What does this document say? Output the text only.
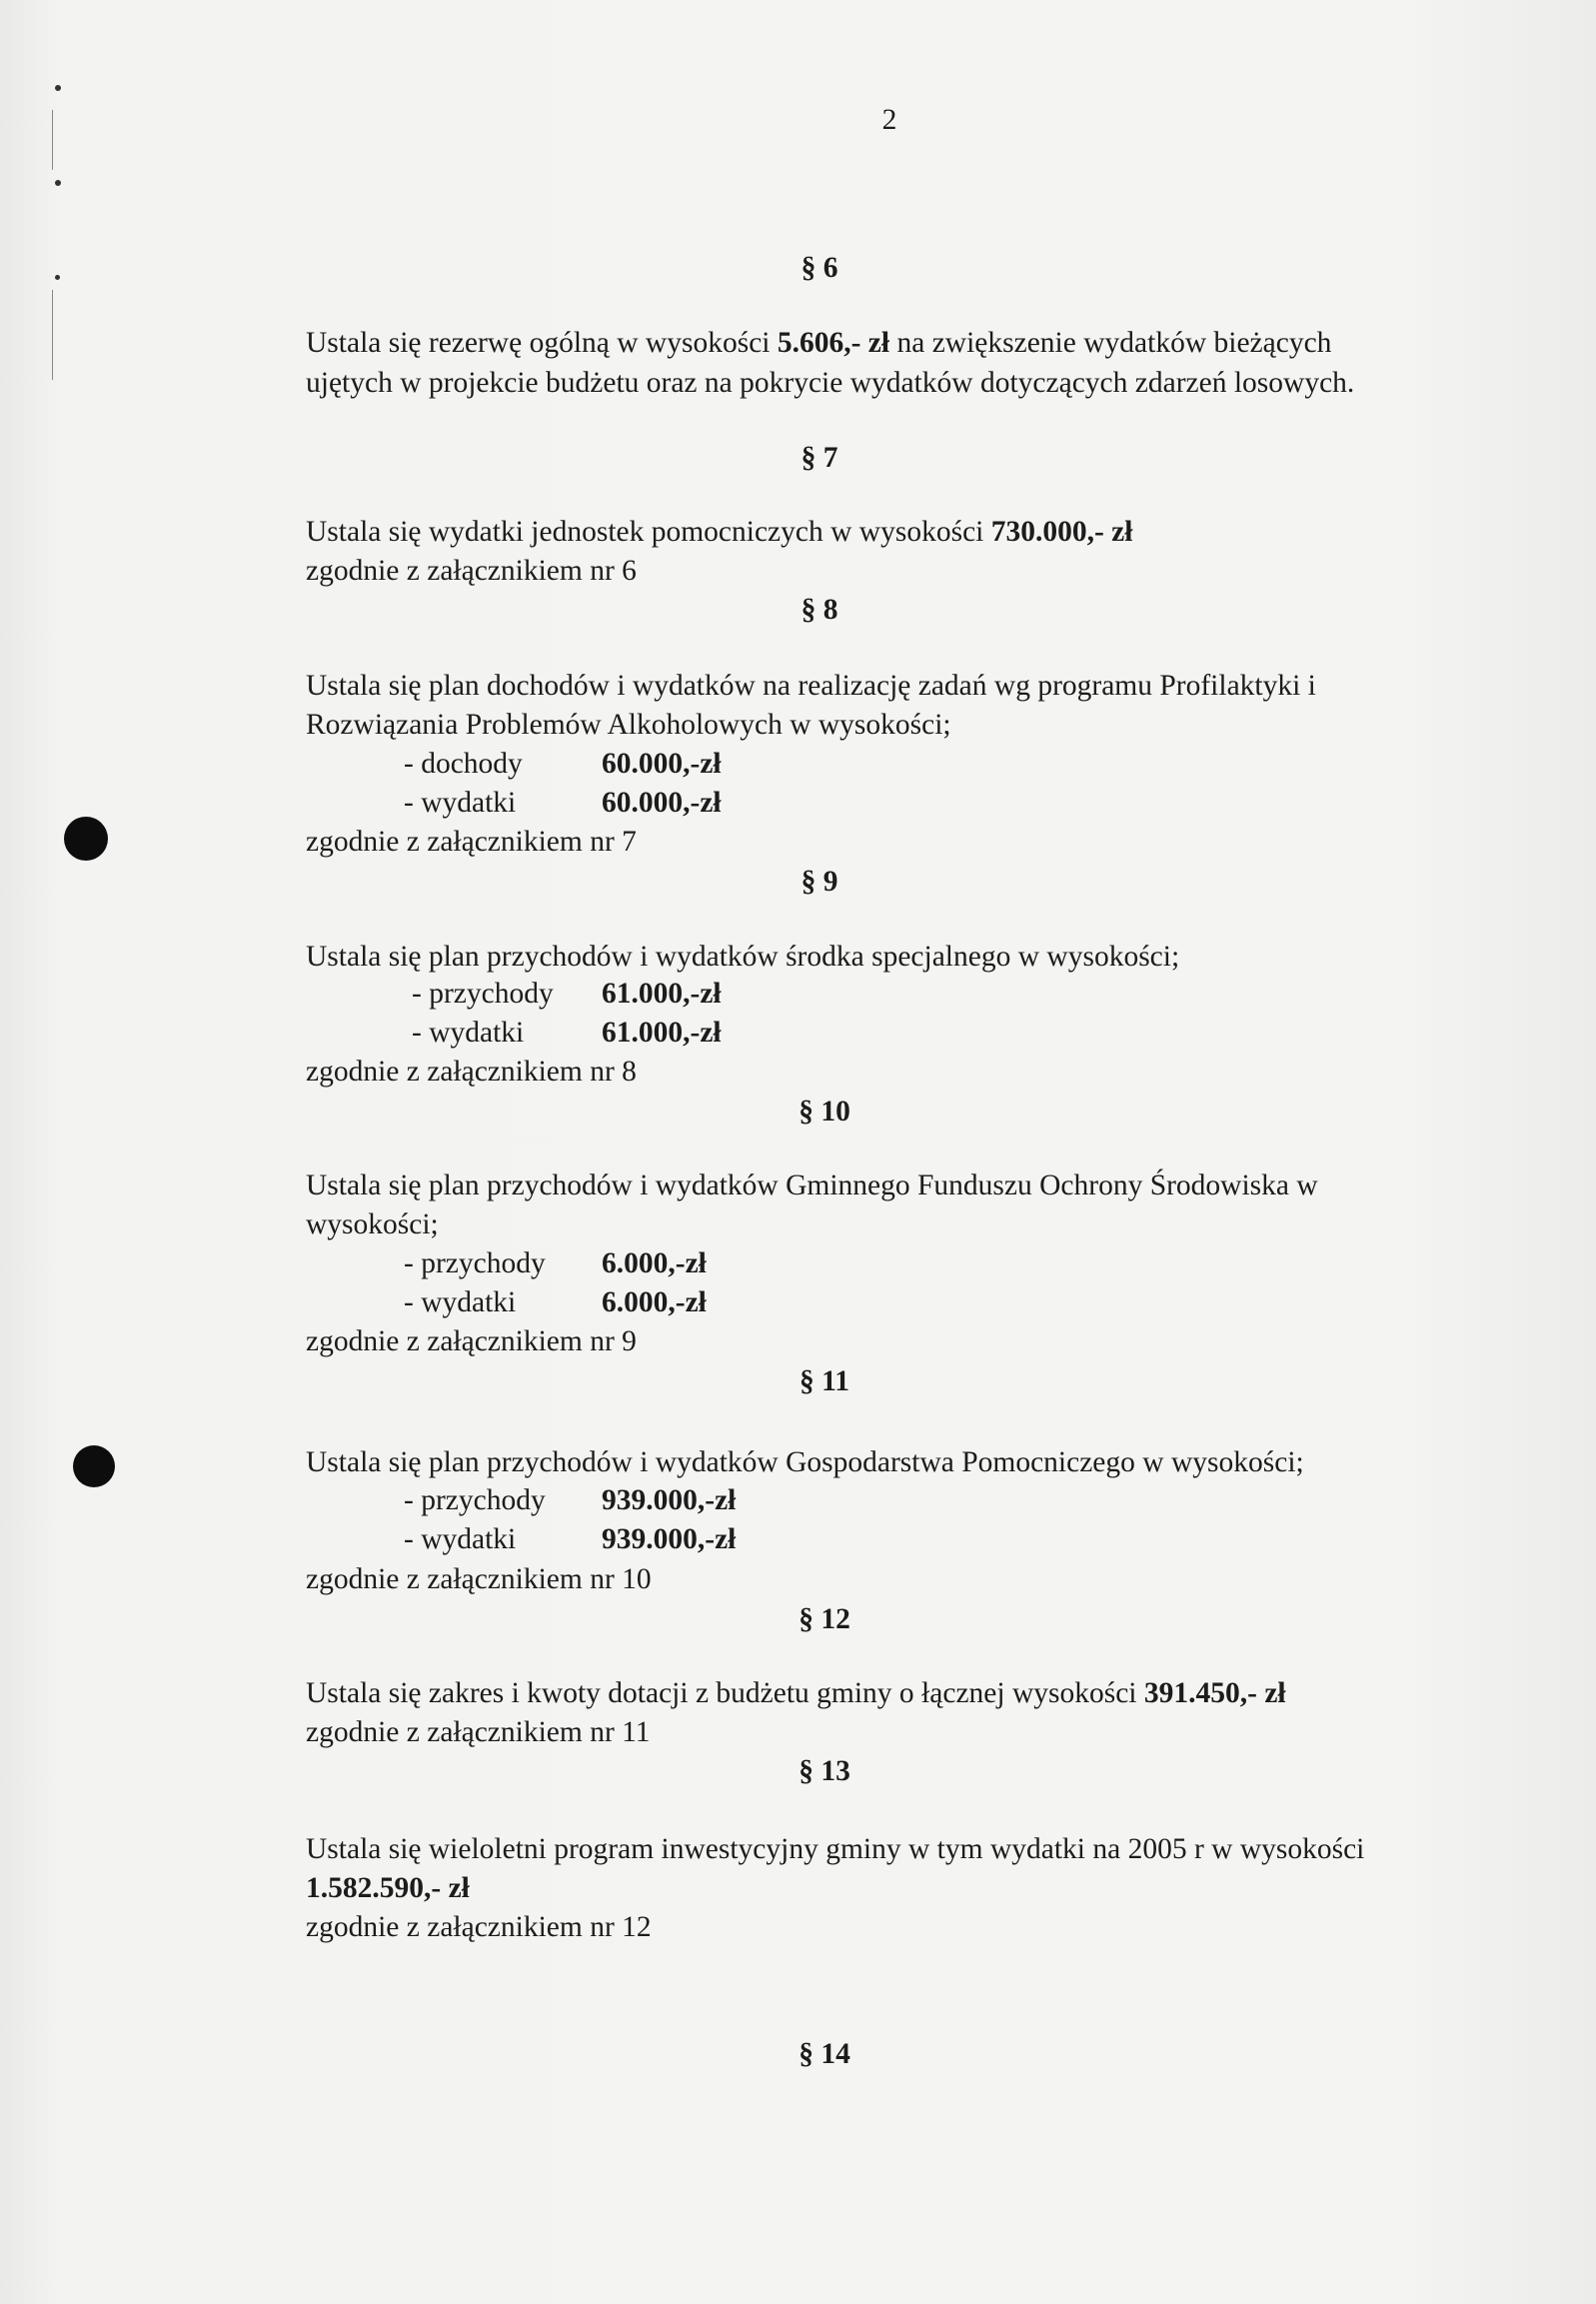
2
§ 6
Ustala się rezerwę ogólną w wysokości 5.606,- zł na zwiększenie wydatków bieżących
ujętych w projekcie budżetu oraz na pokrycie wydatków dotyczących zdarzeń losowych.
§ 7
Ustala się wydatki jednostek pomocniczych w wysokości 730.000,- zł
zgodnie z załącznikiem nr 6
§ 8
Ustala się plan dochodów i wydatków na realizację zadań wg programu Profilaktyki i
Rozwiązania Problemów Alkoholowych w wysokości;
- dochody	60.000,-zł
- wydatki	60.000,-zł
zgodnie z załącznikiem nr 7
§ 9
Ustala się plan przychodów i wydatków środka specjalnego w wysokości;
- przychody 61.000,-zł
- wydatki	61.000,-zł
zgodnie z załącznikiem nr 8
§ 10
Ustala się plan przychodów i wydatków Gminnego Funduszu Ochrony Środowiska w
wysokości;
- przychody 6.000,-zł
- wydatki	6.000,-zł
zgodnie z załącznikiem nr 9
§ 11
Ustala się plan przychodów i wydatków Gospodarstwa Pomocniczego w wysokości;
- przychody 939.000,-zł
- wydatki	939.000,-zł
zgodnie z załącznikiem nr 10
§ 12
Ustala się zakres i kwoty dotacji z budżetu gminy o łącznej wysokości 391.450,- zł
zgodnie z załącznikiem nr 11
§ 13
Ustala się wieloletni program inwestycyjny gminy w tym wydatki na 2005 r w wysokości
1.582.590,- zł
zgodnie z załącznikiem nr 12
§ 14
